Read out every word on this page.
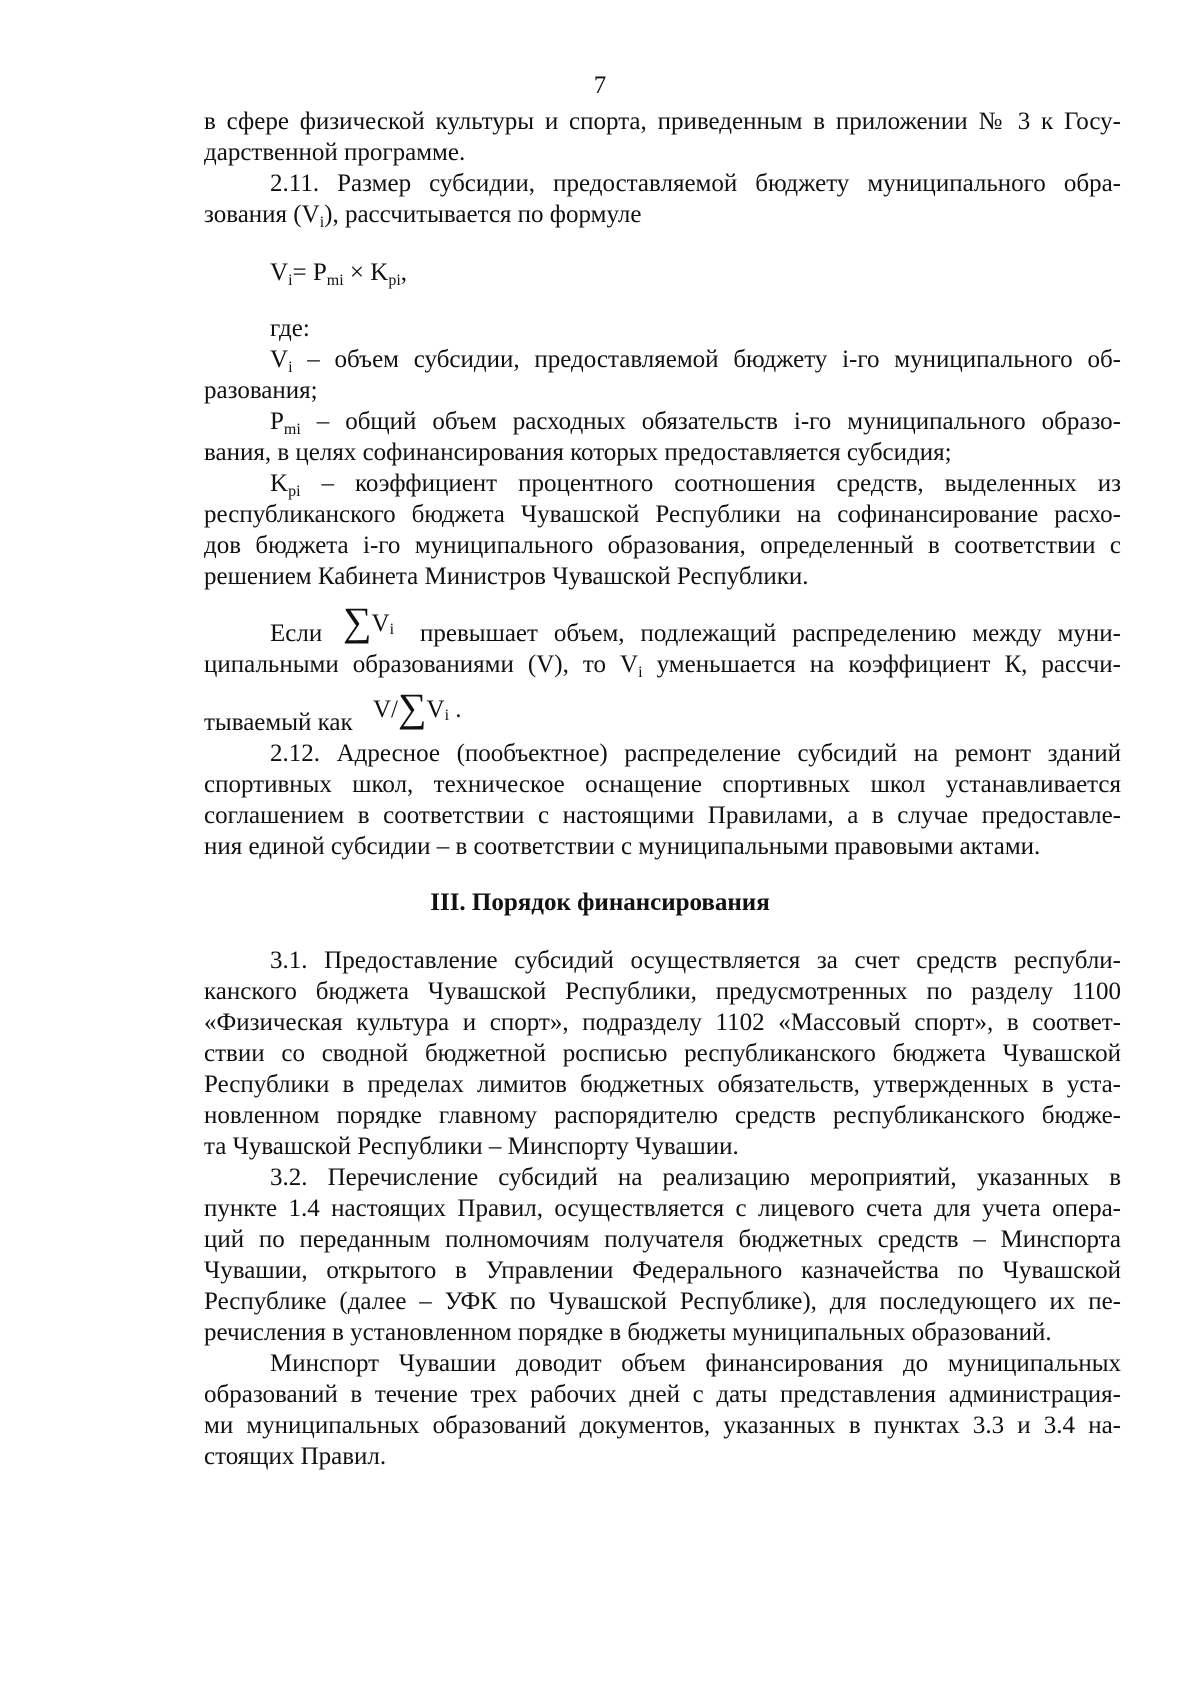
7
в сфере физической культуры и спорта, приведенным в приложении № 3 к Госу-
дарственной программе.
2.11. Размер субсидии, предоставляемой бюджету муниципального обра-
зования $(V_i)$, рассчитывается по формуле
$V_i= P_{mi} \times K_{pi}$,
где:
$V_i$ – объем субсидии, предоставляемой бюджету i-го муниципального об-
разования;
$P_{mi}$ – общий объем расходных обязательств i-го муниципального образо-
вания, в целях софинансирования которых предоставляется субсидия;
$K_{pi}$ – коэффициент процентного соотношения средств, выделенных из
республиканского бюджета Чувашской Республики на софинансирование расхо-
дов бюджета i-го муниципального образования, определенный в соответствии с
решением Кабинета Министров Чувашской Республики.
Если $\sum V_i$	превышает объем, подлежащий распределению между муни-
ципальными образованиями (V), то $V_i$ уменьшается на коэффициент К, рассчи-
тываемый как $V/\sum V_i$ .
2.12. Адресное (пообъектное) распределение субсидий на ремонт зданий
спортивных школ, техническое оснащение спортивных школ устанавливается
соглашением в соответствии с настоящими Правилами, а в случае предоставле-
ния единой субсидии – в соответствии с муниципальными правовыми актами.
III. Порядок финансирования
3.1. Предоставление субсидий осуществляется за счет средств республи-
канского бюджета Чувашской Республики, предусмотренных по разделу 1100
«Физическая культура и спорт», подразделу 1102 «Массовый спорт», в соответ-
ствии со сводной бюджетной росписью республиканского бюджета Чувашской
Республики в пределах лимитов бюджетных обязательств, утвержденных в уста-
новленном порядке главному распорядителю средств республиканского бюдже-
та Чувашской Республики – Минспорту Чувашии.
3.2. Перечисление субсидий на реализацию мероприятий, указанных в
пункте 1.4 настоящих Правил, осуществляется с лицевого счета для учета опера-
ций по переданным полномочиям получателя бюджетных средств – Минспорта
Чувашии, открытого в Управлении Федерального казначейства по Чувашской
Республике (далее – УФК по Чувашской Республике), для последующего их пе-
речисления в установленном порядке в бюджеты муниципальных образований.
Минспорт Чувашии доводит объем финансирования до муниципальных
образований в течение трех рабочих дней с даты представления администрация-
ми муниципальных образований документов, указанных в пунктах 3.3 и 3.4 на-
стоящих Правил.
